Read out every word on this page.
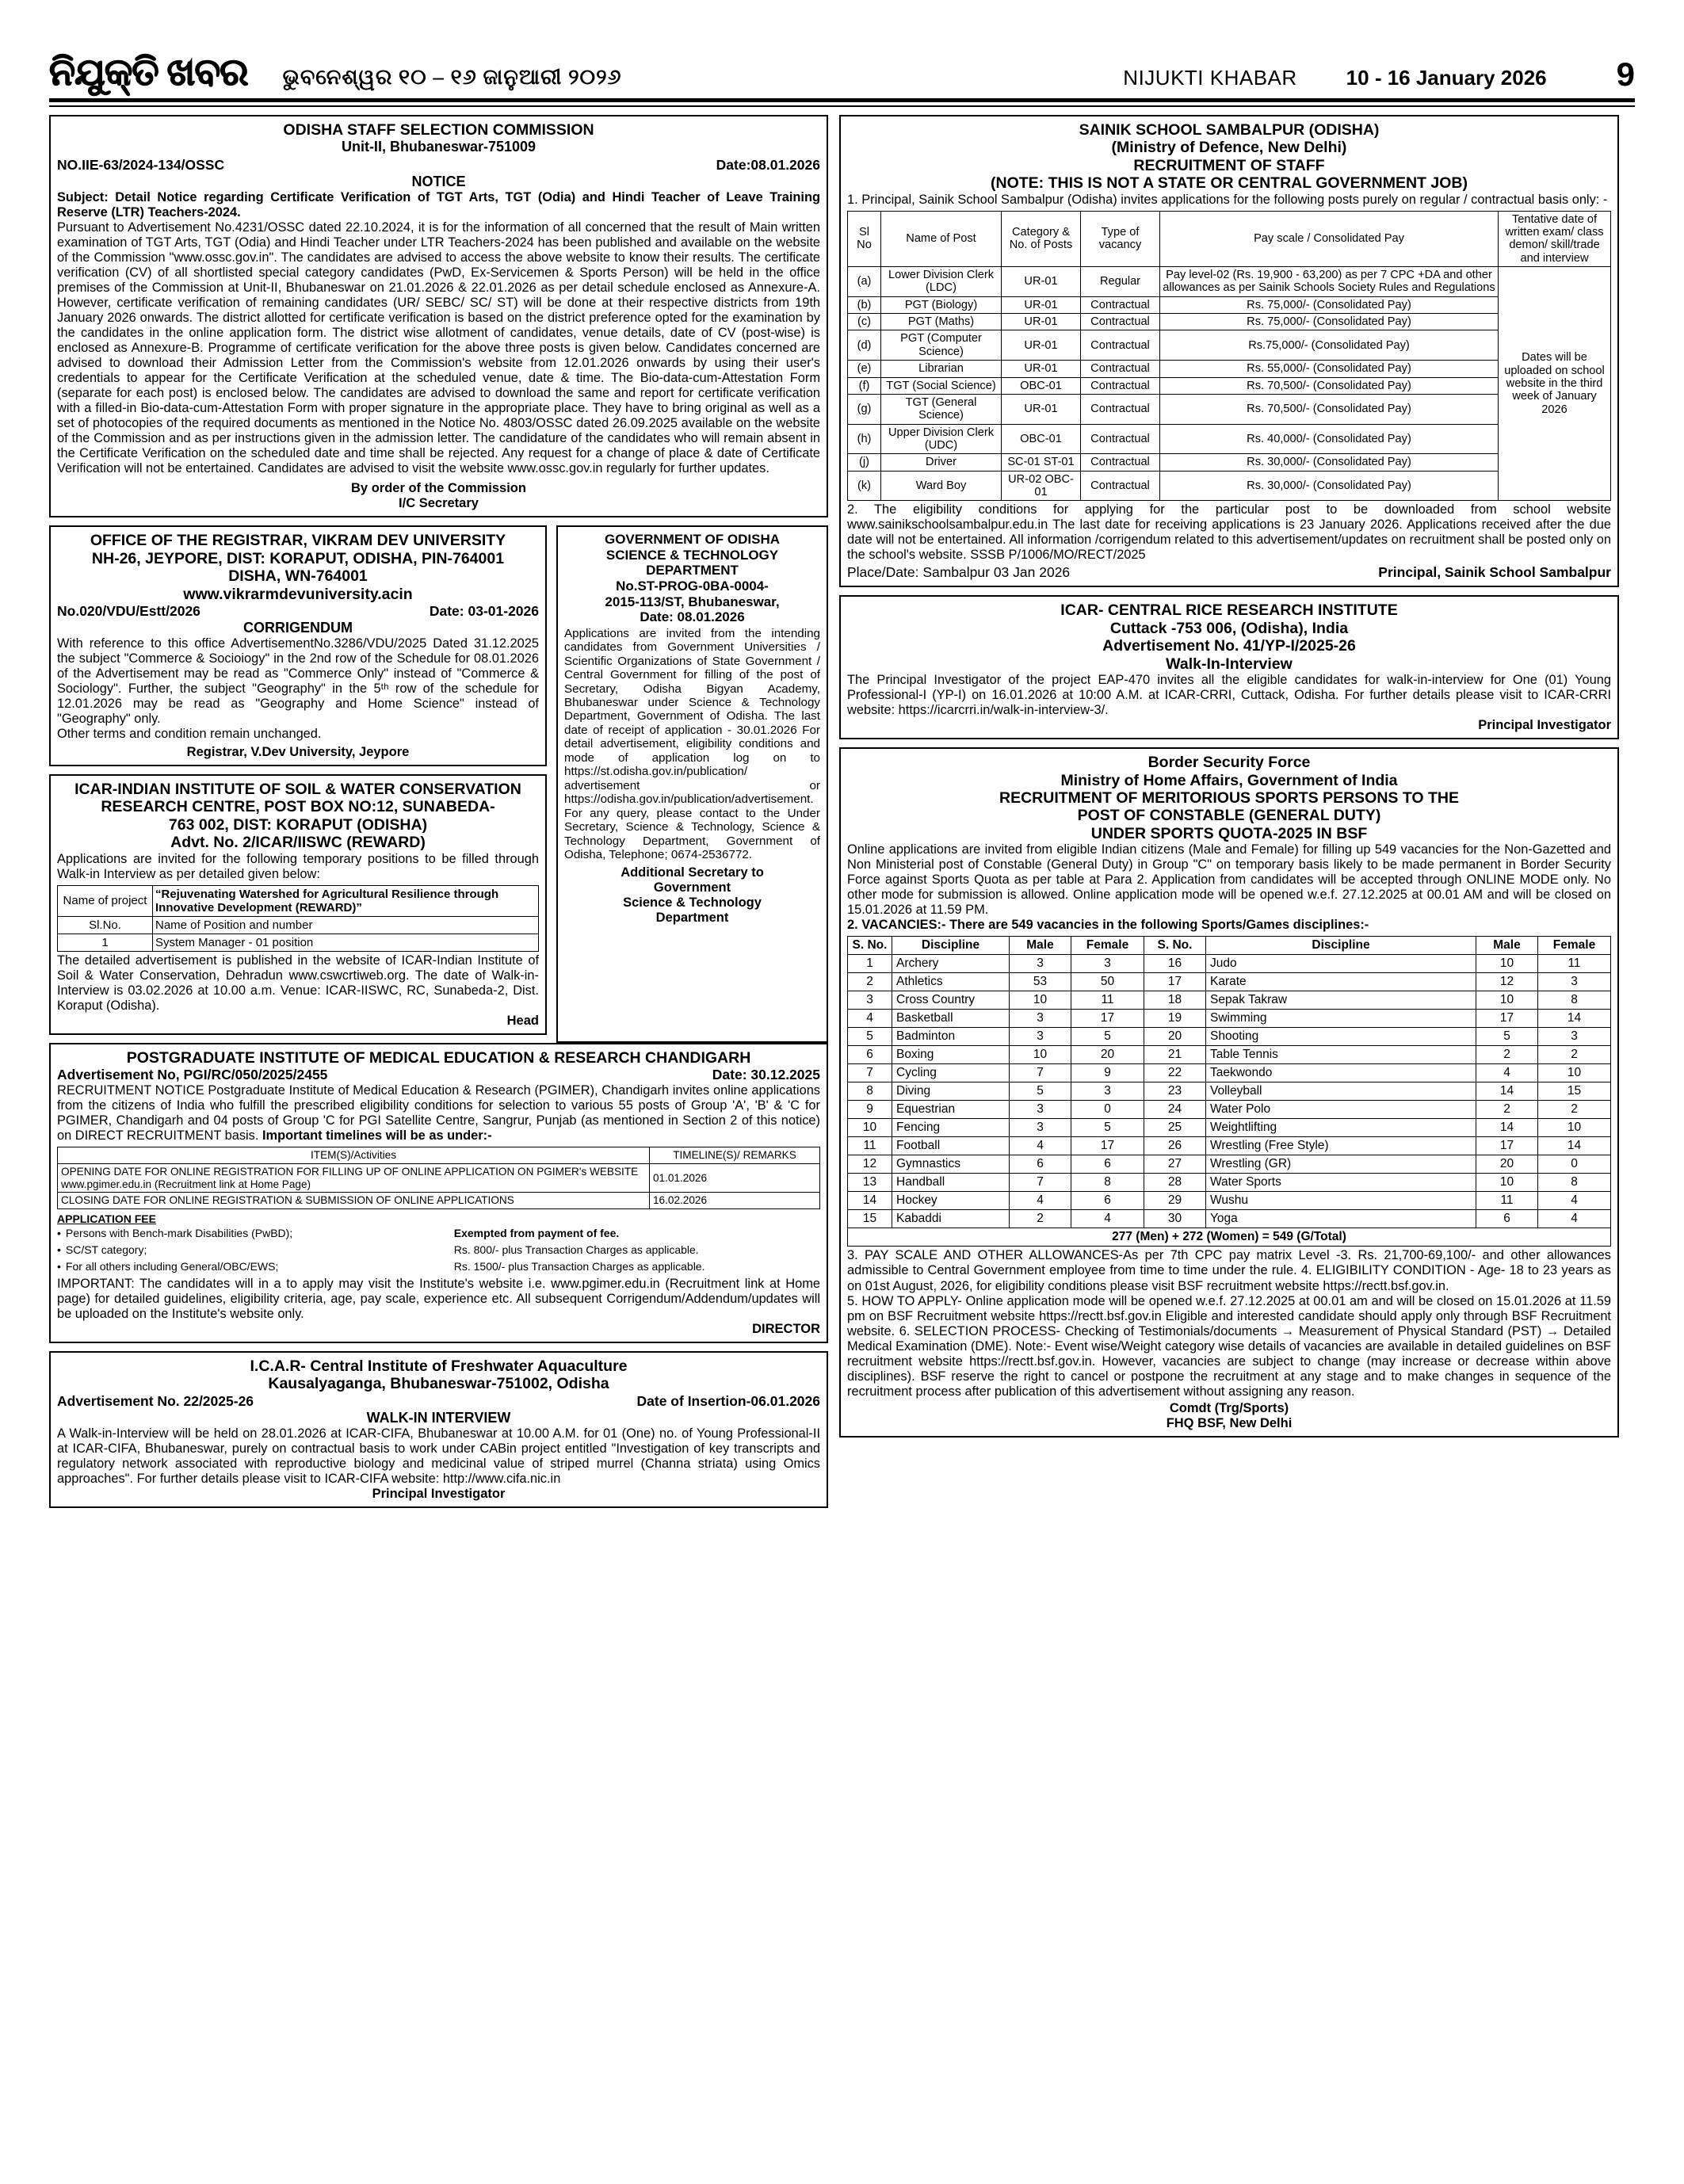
ନିଯୁକ୍ତି ଖବର ଭୁବନେଶ୍ୱର ୧୦ – ୧୬ ଜାନୁଆରୀ ୨୦୨୬	NIJUKTI KHABAR 10 - 16 January 2026 9
ODISHA STAFF SELECTION COMMISSION
Unit-II, Bhubaneswar-751009
NO.IIE-63/2024-134/OSSC	Date:08.01.2026
NOTICE
Subject: Detail Notice regarding Certificate Verification of TGT Arts, TGT (Odia) and Hindi Teacher of Leave Training Reserve (LTR) Teachers-2024.
Pursuant to Advertisement No.4231/OSSC dated 22.10.2024, it is for the information of all concerned that the result of Main written examination of TGT Arts, TGT (Odia) and Hindi Teacher under LTR Teachers-2024 has been published and available on the website of the Commission "www.ossc.gov.in". The candidates are advised to access the above website to know their results. The certificate verification (CV) of all shortlisted special category candidates (PwD, Ex-Servicemen & Sports Person) will be held in the office premises of the Commission at Unit-II, Bhubaneswar on 21.01.2026 & 22.01.2026 as per detail schedule enclosed as Annexure-A. However, certificate verification of remaining candidates (UR/ SEBC/ SC/ ST) will be done at their respective districts from 19th January 2026 onwards. The district allotted for certificate verification is based on the district preference opted for the examination by the candidates in the online application form. The district wise allotment of candidates, venue details, date of CV (post-wise) is enclosed as Annexure-B. Programme of certificate verification for the above three posts is given below. Candidates concerned are advised to download their Admission Letter from the Commission's website from 12.01.2026 onwards by using their user's credentials to appear for the Certificate Verification at the scheduled venue, date & time. The Bio-data-cum-Attestation Form (separate for each post) is enclosed below. The candidates are advised to download the same and report for certificate verification with a filled-in Bio-data-cum-Attestation Form with proper signature in the appropriate place. They have to bring original as well as a set of photocopies of the required documents as mentioned in the Notice No. 4803/OSSC dated 26.09.2025 available on the website of the Commission and as per instructions given in the admission letter. The candidature of the candidates who will remain absent in the Certificate Verification on the scheduled date and time shall be rejected. Any request for a change of place & date of Certificate Verification will not be entertained. Candidates are advised to visit the website www.ossc.gov.in regularly for further updates.
By order of the Commission
I/C Secretary
OFFICE OF THE REGISTRAR, VIKRAM DEV UNIVERSITY
NH-26, JEYPORE, DIST: KORAPUT, ODISHA, PIN-764001
DISHA, WN-764001
www.vikrarmdevuniversity.acin
No.020/VDU/Estt/2026	Date: 03-01-2026
CORRIGENDUM
With reference to this office AdvertisementNo.3286/VDU/2025 Dated 31.12.2025 the subject "Commerce & Socioiogy" in the 2nd row of the Schedule for 08.01.2026 of the Advertisement may be read as "Commerce Only" instead of "Commerce & Sociology". Further, the subject "Geography" in the 5ᵗʰ row of the schedule for 12.01.2026 may be read as "Geography and Home Science" instead of "Geography" only.
Other terms and condition remain unchanged.
Registrar, V.Dev University, Jeypore
ICAR-INDIAN INSTITUTE OF SOIL & WATER CONSERVATION
RESEARCH CENTRE, POST BOX NO:12, SUNABEDA-
763 002, DIST: KORAPUT (ODISHA)
Advt. No. 2/ICAR/IISWC (REWARD)
Applications are invited for the following temporary positions to be filled through Walk-in Interview as per detailed given below:
Name of project	“Rejuvenating Watershed for Agricultural Resilience through Innovative Development (REWARD)”
Sl.No.	Name of Position and number
1	System Manager - 01 position
The detailed advertisement is published in the website of ICAR-Indian Institute of Soil & Water Conservation, Dehradun www.cswcrtiweb.org. The date of Walk-in-Interview is 03.02.2026 at 10.00 a.m. Venue: ICAR-IISWC, RC, Sunabeda-2, Dist. Koraput (Odisha).
Head
GOVERNMENT OF ODISHA
SCIENCE & TECHNOLOGY
DEPARTMENT
No.ST-PROG-0BA-0004-
2015-113/ST, Bhubaneswar,
Date: 08.01.2026
Applications are invited from the intending candidates from Government Universities / Scientific Organizations of State Government / Central Government for filling of the post of Secretary, Odisha Bigyan Academy, Bhubaneswar under Science & Technology Department, Government of Odisha. The last date of receipt of application - 30.01.2026 For detail advertisement, eligibility conditions and mode of application log on to https://st.odisha.gov.in/publication/ advertisement or https://odisha.gov.in/publication/advertisement. For any query, please contact to the Under Secretary, Science & Technology, Science & Technology Department, Government of Odisha, Telephone; 0674-2536772.
Additional Secretary to
Government
Science & Technology
Department
POSTGRADUATE INSTITUTE OF MEDICAL EDUCATION & RESEARCH CHANDIGARH
Advertisement No, PGI/RC/050/2025/2455	Date: 30.12.2025
RECRUITMENT NOTICE Postgraduate Institute of Medical Education & Research (PGIMER), Chandigarh invites online applications from the citizens of India who fulfill the prescribed eligibility conditions for selection to various 55 posts of Group 'A', 'B' & 'C for PGIMER, Chandigarh and 04 posts of Group 'C for PGI Satellite Centre, Sangrur, Punjab (as mentioned in Section 2 of this notice) on DIRECT RECRUITMENT basis. Important timelines will be as under:-
ITEM(S)/Activities	TIMELINE(S)/ REMARKS
OPENING DATE FOR ONLINE REGISTRATION FOR FILLING UP OF ONLINE APPLICATION ON PGIMER's WEBSITE www.pgimer.edu.in (Recruitment link at Home Page)	01.01.2026
CLOSING DATE FOR ONLINE REGISTRATION & SUBMISSION OF ONLINE APPLICATIONS	16.02.2026
APPLICATION FEE
• Persons with Bench-mark Disabilities (PwBD);	Exempted from payment of fee.
• SC/ST category;	Rs. 800/- plus Transaction Charges as applicable.
• For all others including General/OBC/EWS;	Rs. 1500/- plus Transaction Charges as applicable.
IMPORTANT: The candidates will in a to apply may visit the Institute's website i.e. www.pgimer.edu.in (Recruitment link at Home page) for detailed guidelines, eligibility criteria, age, pay scale, experience etc. All subsequent Corrigendum/Addendum/updates will be uploaded on the Institute's website only.
DIRECTOR
I.C.A.R- Central Institute of Freshwater Aquaculture
Kausalyaganga, Bhubaneswar-751002, Odisha
Advertisement No. 22/2025-26	Date of Insertion-06.01.2026
WALK-IN INTERVIEW
A Walk-in-Interview will be held on 28.01.2026 at ICAR-CIFA, Bhubaneswar at 10.00 A.M. for 01 (One) no. of Young Professional-II at ICAR-CIFA, Bhubaneswar, purely on contractual basis to work under CABin project entitled "Investigation of key transcripts and regulatory network associated with reproductive biology and medicinal value of striped murrel (Channa striata) using Omics approaches". For further details please visit to ICAR-CIFA website: http://www.cifa.nic.in
Principal Investigator
SAINIK SCHOOL SAMBALPUR (ODISHA)
(Ministry of Defence, New Delhi)
RECRUITMENT OF STAFF
(NOTE: THIS IS NOT A STATE OR CENTRAL GOVERNMENT JOB)
1. Principal, Sainik School Sambalpur (Odisha) invites applications for the following posts purely on regular / contractual basis only: -
Sl No	Name of Post	Category & No. of Posts	Type of vacancy	Pay scale / Consolidated Pay	Tentative date of written exam/ class demon/ skill/trade and interview
(a)	Lower Division Clerk (LDC)	UR-01	Regular	Pay level-02 (Rs. 19,900 - 63,200) as per 7 CPC +DA and other allowances as per Sainik Schools Society Rules and Regulations	Dates will be uploaded on school website in the third week of January 2026
(b)	PGT (Biology)	UR-01	Contractual	Rs. 75,000/- (Consolidated Pay)	
(c)	PGT (Maths)	UR-01	Contractual	Rs. 75,000/- (Consolidated Pay)	
(d)	PGT (Computer Science)	UR-01	Contractual	Rs.75,000/- (Consolidated Pay)	
(e)	Librarian	UR-01	Contractual	Rs. 55,000/- (Consolidated Pay)	
(f)	TGT (Social Science)	OBC-01	Contractual	Rs. 70,500/- (Consolidated Pay)	
(g)	TGT (General Science)	UR-01	Contractual	Rs. 70,500/- (Consolidated Pay)	
(h)	Upper Division Clerk (UDC)	OBC-01	Contractual	Rs. 40,000/- (Consolidated Pay)	
(j)	Driver	SC-01 ST-01	Contractual	Rs. 30,000/- (Consolidated Pay)	
(k)	Ward Boy	UR-02 OBC-01	Contractual	Rs. 30,000/- (Consolidated Pay)	
2. The eligibility conditions for applying for the particular post to be downloaded from school website www.sainikschoolsambalpur.edu.in The last date for receiving applications is 23 January 2026. Applications received after the due date will not be entertained. All information /corrigendum related to this advertisement/updates on recruitment shall be posted only on the school's website. SSSB P/1006/MO/RECT/2025
Place/Date: Sambalpur 03 Jan 2026	Principal, Sainik School Sambalpur
ICAR- CENTRAL RICE RESEARCH INSTITUTE
Cuttack -753 006, (Odisha), India
Advertisement No. 41/YP-I/2025-26
Walk-In-Interview
The Principal Investigator of the project EAP-470 invites all the eligible candidates for walk-in-interview for One (01) Young Professional-I (YP-I) on 16.01.2026 at 10:00 A.M. at ICAR-CRRI, Cuttack, Odisha. For further details please visit to ICAR-CRRI website: https://icarcrri.in/walk-in-interview-3/.
Principal Investigator
Border Security Force
Ministry of Home Affairs, Government of India
RECRUITMENT OF MERITORIOUS SPORTS PERSONS TO THE
POST OF CONSTABLE (GENERAL DUTY)
UNDER SPORTS QUOTA-2025 IN BSF
Online applications are invited from eligible Indian citizens (Male and Female) for filling up 549 vacancies for the Non-Gazetted and Non Ministerial post of Constable (General Duty) in Group "C" on temporary basis likely to be made permanent in Border Security Force against Sports Quota as per table at Para 2. Application from candidates will be accepted through ONLINE MODE only. No other mode for submission is allowed. Online application mode will be opened w.e.f. 27.12.2025 at 00.01 AM and will be closed on 15.01.2026 at 11.59 PM.
2. VACANCIES:- There are 549 vacancies in the following Sports/Games disciplines:-
S. No.	Discipline	Male	Female	S. No.	Discipline	Male	Female
1	Archery	3	3	16	Judo	10	11
2	Athletics	53	50	17	Karate	12	3
3	Cross Country	10	11	18	Sepak Takraw	10	8
4	Basketball	3	17	19	Swimming	17	14
5	Badminton	3	5	20	Shooting	5	3
6	Boxing	10	20	21	Table Tennis	2	2
7	Cycling	7	9	22	Taekwondo	4	10
8	Diving	5	3	23	Volleyball	14	15
9	Equestrian	3	0	24	Water Polo	2	2
10	Fencing	3	5	25	Weightlifting	14	10
11	Football	4	17	26	Wrestling (Free Style)	17	14
12	Gymnastics	6	6	27	Wrestling (GR)	20	0
13	Handball	7	8	28	Water Sports	10	8
14	Hockey	4	6	29	Wushu	11	4
15	Kabaddi	2	4	30	Yoga	6	4
277 (Men) + 272 (Women) = 549 (G/Total)							
3. PAY SCALE AND OTHER ALLOWANCES-As per 7th CPC pay matrix Level -3. Rs. 21,700-69,100/- and other allowances admissible to Central Government employee from time to time under the rule. 4. ELIGIBILITY CONDITION - Age- 18 to 23 years as on 01st August, 2026, for eligibility conditions please visit BSF recruitment website https://rectt.bsf.gov.in.
5. HOW TO APPLY- Online application mode will be opened w.e.f. 27.12.2025 at 00.01 am and will be closed on 15.01.2026 at 11.59 pm on BSF Recruitment website https://rectt.bsf.gov.in Eligible and interested candidate should apply only through BSF Recruitment website. 6. SELECTION PROCESS- Checking of Testimonials/documents → Measurement of Physical Standard (PST) → Detailed Medical Examination (DME). Note:- Event wise/Weight category wise details of vacancies are available in detailed guidelines on BSF recruitment website https://rectt.bsf.gov.in. However, vacancies are subject to change (may increase or decrease within above disciplines). BSF reserve the right to cancel or postpone the recruitment at any stage and to make changes in sequence of the recruitment process after publication of this advertisement without assigning any reason.
Comdt (Trg/Sports)
FHQ BSF, New Delhi
